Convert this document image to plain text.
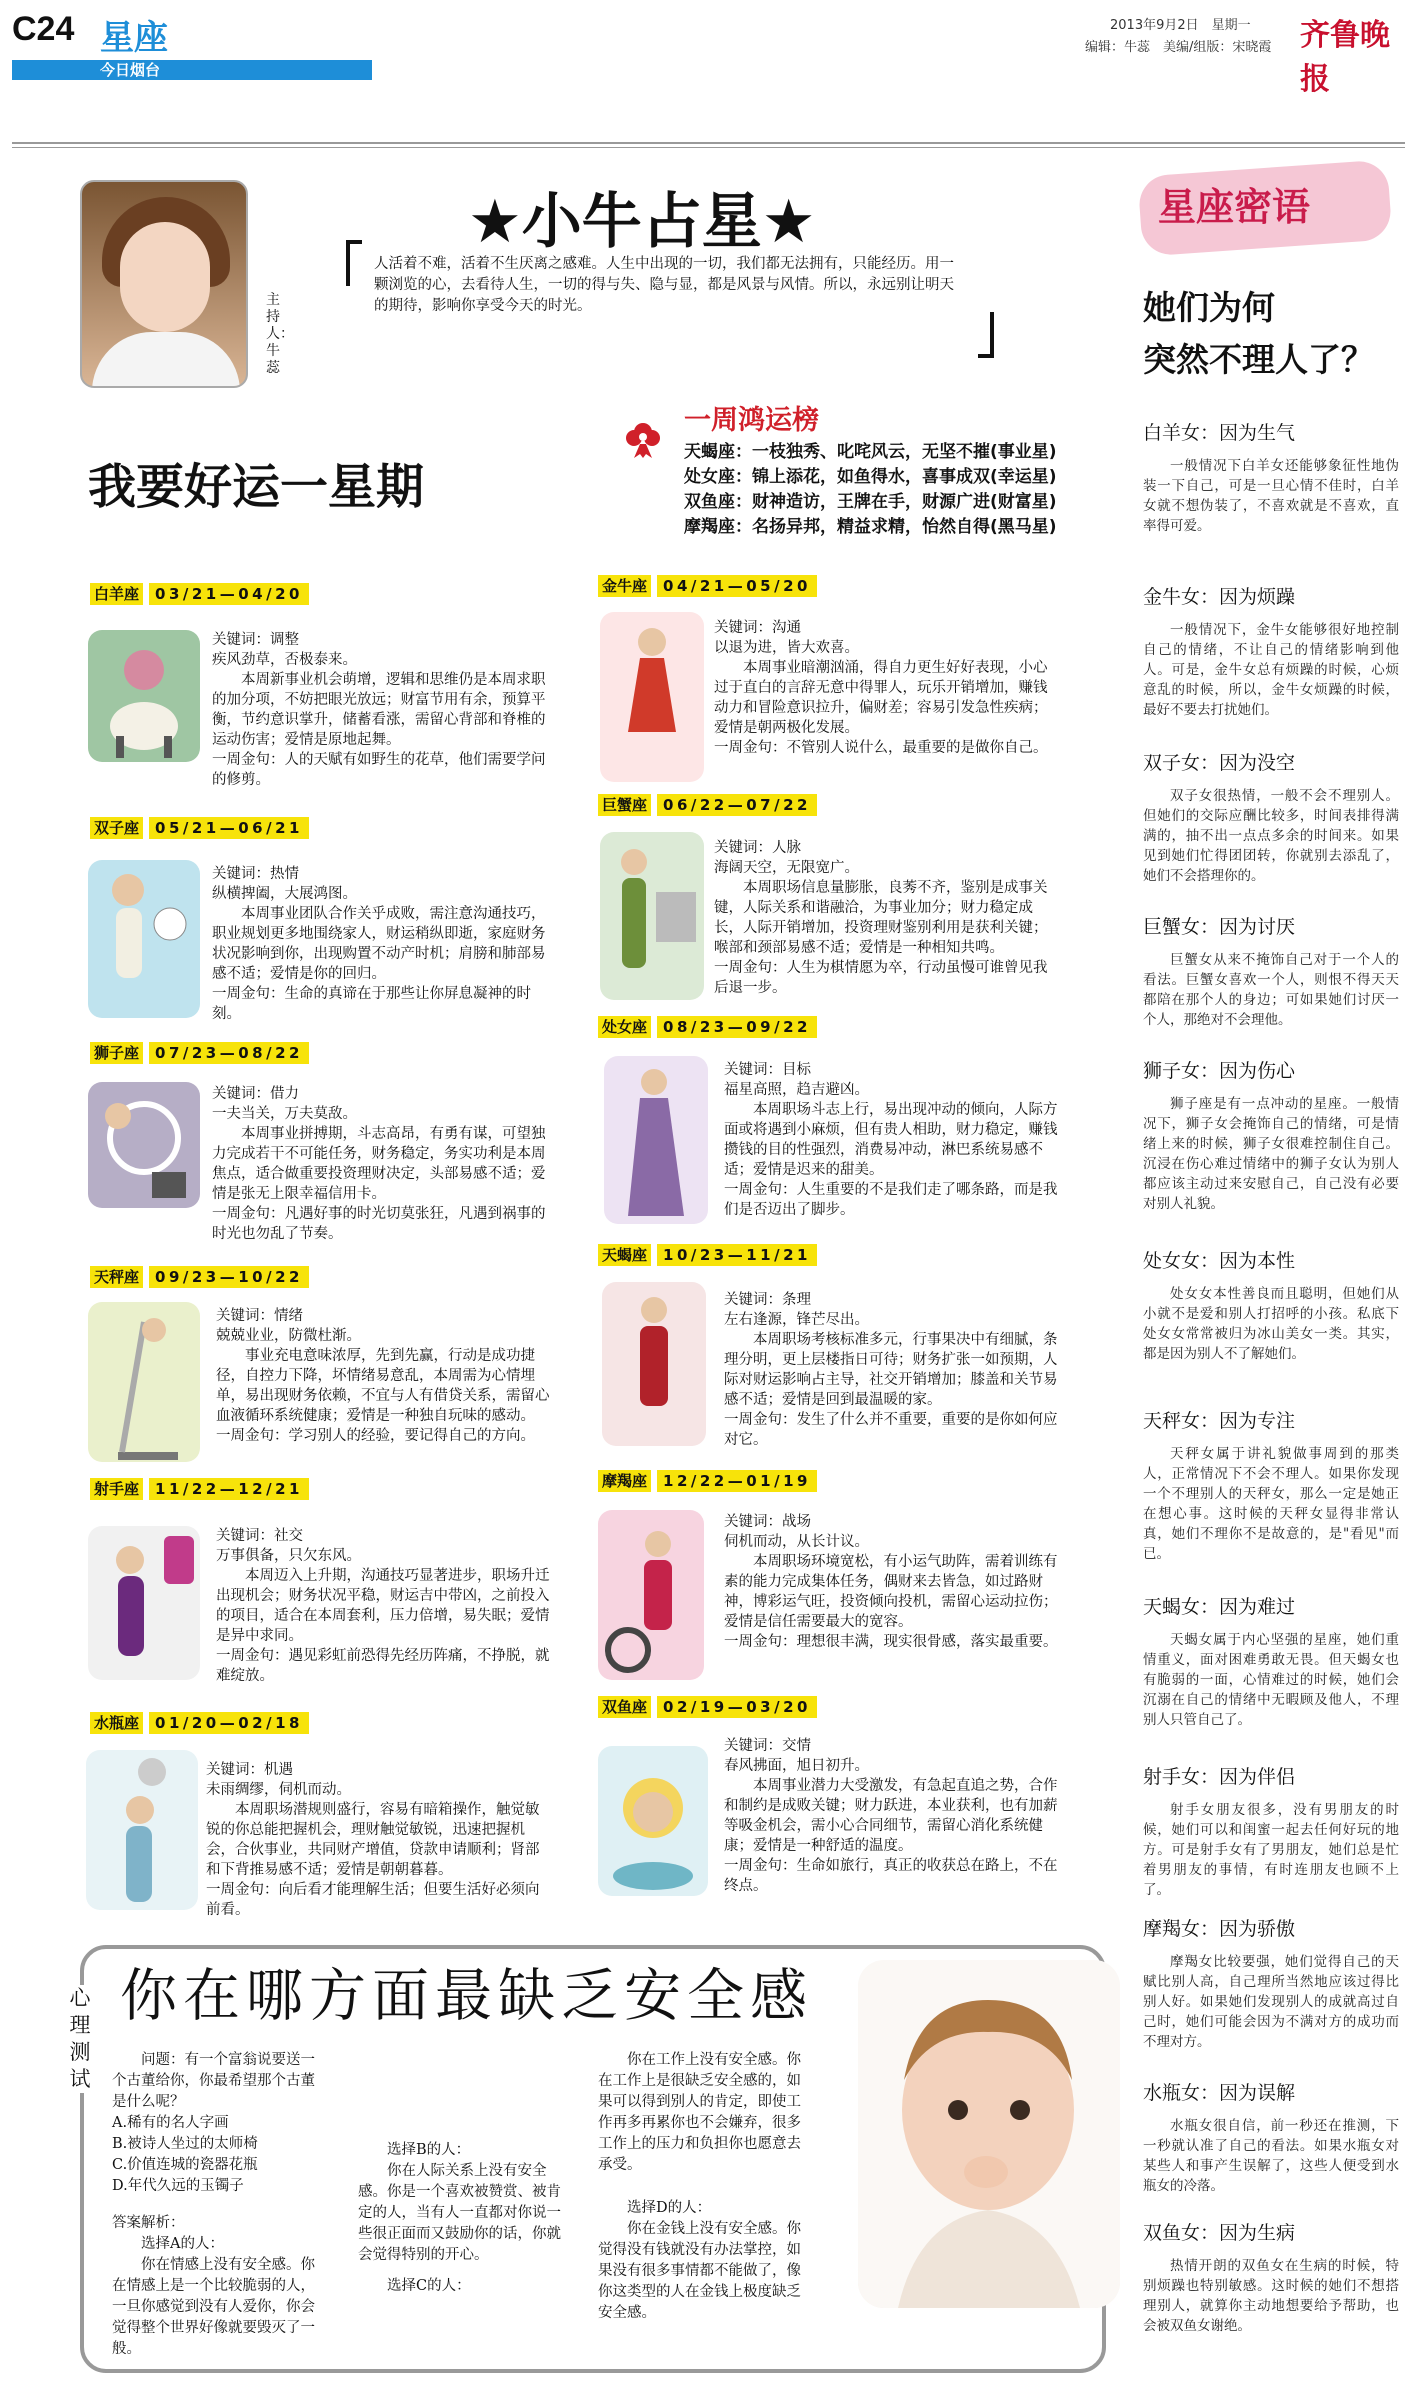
C24 星座
今日烟台
2013年9月2日　星期一
编辑：牛蕊　美编/组版：宋晓霞 齐鲁晚报
主持人：牛蕊
★小牛占星★
人活着不难，活着不生厌离之感难。人生中出现的一切，我们都无法拥有，只能经历。用一颗浏览的心，去看待人生，一切的得与失、隐与显，都是风景与风情。所以，永远别让明天的期待，影响你享受今天的时光。
我要好运一星期
一周鸿运榜
天蝎座：一枝独秀、叱咤风云，无坚不摧(事业星)
处女座：锦上添花，如鱼得水，喜事成双(幸运星)
双鱼座：财神造访，王牌在手，财源广进(财富星)
摩羯座：名扬异邦，精益求精，怡然自得(黑马星)
白羊座 03/21—04/20
关键词：调整
疾风劲草，否极泰来。
本周新事业机会萌增，逻辑和思维仍是本周求职的加分项，不妨把眼光放远；财富节用有余，预算平衡，节约意识掌升，储蓄看涨，需留心背部和脊椎的运动伤害；爱情是原地起舞。
一周金句：人的天赋有如野生的花草，他们需要学问的修剪。
双子座 05/21—06/21
关键词：热情
纵横捭阖，大展鸿图。
本周事业团队合作关乎成败，需注意沟通技巧，职业规划更多地围绕家人，财运稍纵即逝，家庭财务状况影响到你，出现购置不动产时机；肩膀和肺部易感不适；爱情是你的回归。
一周金句：生命的真谛在于那些让你屏息凝神的时刻。
狮子座 07/23—08/22
关键词：借力
一夫当关，万夫莫敌。
本周事业拼搏期，斗志高昂，有勇有谋，可望独力完成若干不可能任务，财务稳定，务实功利是本周焦点，适合做重要投资理财决定，头部易感不适；爱情是张无上限幸福信用卡。
一周金句：凡遇好事的时光切莫张狂，凡遇到祸事的时光也勿乱了节奏。
天秤座 09/23—10/22
关键词：情绪
兢兢业业，防微杜渐。
事业充电意味浓厚，先到先赢，行动是成功捷径，自控力下降，坏情绪易意乱，本周需为心情埋单，易出现财务依赖，不宜与人有借贷关系，需留心血液循环系统健康；爱情是一种独自玩味的感动。
一周金句：学习别人的经验，要记得自己的方向。
射手座 11/22—12/21
关键词：社交
万事俱备，只欠东风。
本周迈入上升期，沟通技巧显著进步，职场升迁出现机会；财务状况平稳，财运吉中带凶，之前投入的项目，适合在本周套利，压力倍增，易失眠；爱情是异中求同。
一周金句：遇见彩虹前恐得先经历阵痛，不挣脱，就难绽放。
水瓶座 01/20—02/18
关键词：机遇
未雨绸缪，伺机而动。
本周职场潜规则盛行，容易有暗箱操作，触觉敏锐的你总能把握机会，理财触觉敏锐，迅速把握机会，合伙事业，共同财产增值，贷款申请顺利；肾部和下背推易感不适；爱情是朝朝暮暮。
一周金句：向后看才能理解生活；但要生活好必须向前看。
金牛座 04/21—05/20
关键词：沟通
以退为进，皆大欢喜。
本周事业暗潮汹涌，得自力更生好好表现，小心过于直白的言辞无意中得罪人，玩乐开销增加，赚钱动力和冒险意识拉升，偏财差；容易引发急性疾病；爱情是朝两极化发展。
一周金句：不管别人说什么，最重要的是做你自己。
巨蟹座 06/22—07/22
关键词：人脉
海阔天空，无限宽广。
本周职场信息量膨胀，良莠不齐，鉴别是成事关键，人际关系和谐融洽，为事业加分；财力稳定成长，人际开销增加，投资理财鉴别利用是获利关键；喉部和颈部易感不适；爱情是一种相知共鸣。
一周金句：人生为棋情愿为卒，行动虽慢可谁曾见我后退一步。
处女座 08/23—09/22
关键词：目标
福星高照，趋吉避凶。
本周职场斗志上行，易出现冲动的倾向，人际方面或将遇到小麻烦，但有贵人相助，财力稳定，赚钱攒钱的目的性强烈，消费易冲动，淋巴系统易感不适；爱情是迟来的甜美。
一周金句：人生重要的不是我们走了哪条路，而是我们是否迈出了脚步。
天蝎座 10/23—11/21
关键词：条理
左右逢源，锋芒尽出。
本周职场考核标准多元，行事果决中有细腻，条理分明，更上层楼指日可待；财务扩张一如预期，人际对财运影响占主导，社交开销增加；膝盖和关节易感不适；爱情是回到最温暖的家。
一周金句：发生了什么并不重要，重要的是你如何应对它。
摩羯座 12/22—01/19
关键词：战场
伺机而动，从长计议。
本周职场环境宽松，有小运气助阵，需着训练有素的能力完成集体任务，偶财来去皆急，如过路财神，博彩运气旺，投资倾向投机，需留心运动拉伤；爱情是信任需要最大的宽容。
一周金句：理想很丰满，现实很骨感，落实最重要。
双鱼座 02/19—03/20
关键词：交情
春风拂面，旭日初升。
本周事业潜力大受激发，有急起直追之势，合作和制约是成败关键；财力跃进，本业获利，也有加薪等吸金机会，需小心合同细节，需留心消化系统健康；爱情是一种舒适的温度。
一周金句：生命如旅行，真正的收获总在路上，不在终点。
星座密语
她们为何
突然不理人了？
白羊女：因为生气
一般情况下白羊女还能够象征性地伪装一下自己，可是一旦心情不佳时，白羊女就不想伪装了，不喜欢就是不喜欢，直率得可爱。
金牛女：因为烦躁
一般情况下，金牛女能够很好地控制自己的情绪，不让自己的情绪影响到他人。可是，金牛女总有烦躁的时候，心烦意乱的时候，所以，金牛女烦躁的时候，最好不要去打扰她们。
双子女：因为没空
双子女很热情，一般不会不理别人。但她们的交际应酬比较多，时间表排得满满的，抽不出一点点多余的时间来。如果见到她们忙得团团转，你就别去添乱了，她们不会搭理你的。
巨蟹女：因为讨厌
巨蟹女从来不掩饰自己对于一个人的看法。巨蟹女喜欢一个人，则恨不得天天都陪在那个人的身边；可如果她们讨厌一个人，那绝对不会理他。
狮子女：因为伤心
狮子座是有一点冲动的星座。一般情况下，狮子女会掩饰自己的情绪，可是情绪上来的时候，狮子女很难控制住自己。沉浸在伤心难过情绪中的狮子女认为别人都应该主动过来安慰自己，自己没有必要对别人礼貌。
处女女：因为本性
处女女本性善良而且聪明，但她们从小就不是爱和别人打招呼的小孩。私底下处女女常常被归为冰山美女一类。其实，都是因为别人不了解她们。
天秤女：因为专注
天秤女属于讲礼貌做事周到的那类人，正常情况下不会不理人。如果你发现一个不理别人的天秤女，那么一定是她正在想心事。这时候的天秤女显得非常认真，她们不理你不是故意的，是"看见"而已。
天蝎女：因为难过
天蝎女属于内心坚强的星座，她们重情重义，面对困难勇敢无畏。但天蝎女也有脆弱的一面，心情难过的时候，她们会沉溺在自己的情绪中无暇顾及他人，不理别人只管自己了。
射手女：因为伴侣
射手女朋友很多，没有男朋友的时候，她们可以和闺蜜一起去任何好玩的地方。可是射手女有了男朋友，她们总是忙着男朋友的事情，有时连朋友也顾不上了。
摩羯女：因为骄傲
摩羯女比较要强，她们觉得自己的天赋比别人高，自己理所当然地应该过得比别人好。如果她们发现别人的成就高过自己时，她们可能会因为不满对方的成功而不理对方。
水瓶女：因为误解
水瓶女很自信，前一秒还在推测，下一秒就认准了自己的看法。如果水瓶女对某些人和事产生误解了，这些人便受到水瓶女的冷落。
双鱼女：因为生病
热情开朗的双鱼女在生病的时候，特别烦躁也特别敏感。这时候的她们不想搭理别人，就算你主动地想要给予帮助，也会被双鱼女谢绝。
心理测试
你在哪方面最缺乏安全感
问题：有一个富翁说要送一个古董给你，你最希望那个古董是什么呢？
A.稀有的名人字画
B.被诗人坐过的太师椅
C.价值连城的瓷器花瓶
D.年代久远的玉镯子
答案解析：
选择A的人：
你在情感上没有安全感。你在情感上是一个比较脆弱的人，一旦你感觉到没有人爱你，你会觉得整个世界好像就要毁灭了一般。
选择B的人：
你在人际关系上没有安全感。你是一个喜欢被赞赏、被肯定的人，当有人一直都对你说一些很正面而又鼓励你的话，你就会觉得特别的开心。
选择C的人：
你在工作上没有安全感。你在工作上是很缺乏安全感的，如果可以得到别人的肯定，即使工作再多再累你也不会嫌弃，很多工作上的压力和负担你也愿意去承受。
选择D的人：
你在金钱上没有安全感。你觉得没有钱就没有办法掌控，如果没有很多事情都不能做了，像你这类型的人在金钱上极度缺乏安全感。
